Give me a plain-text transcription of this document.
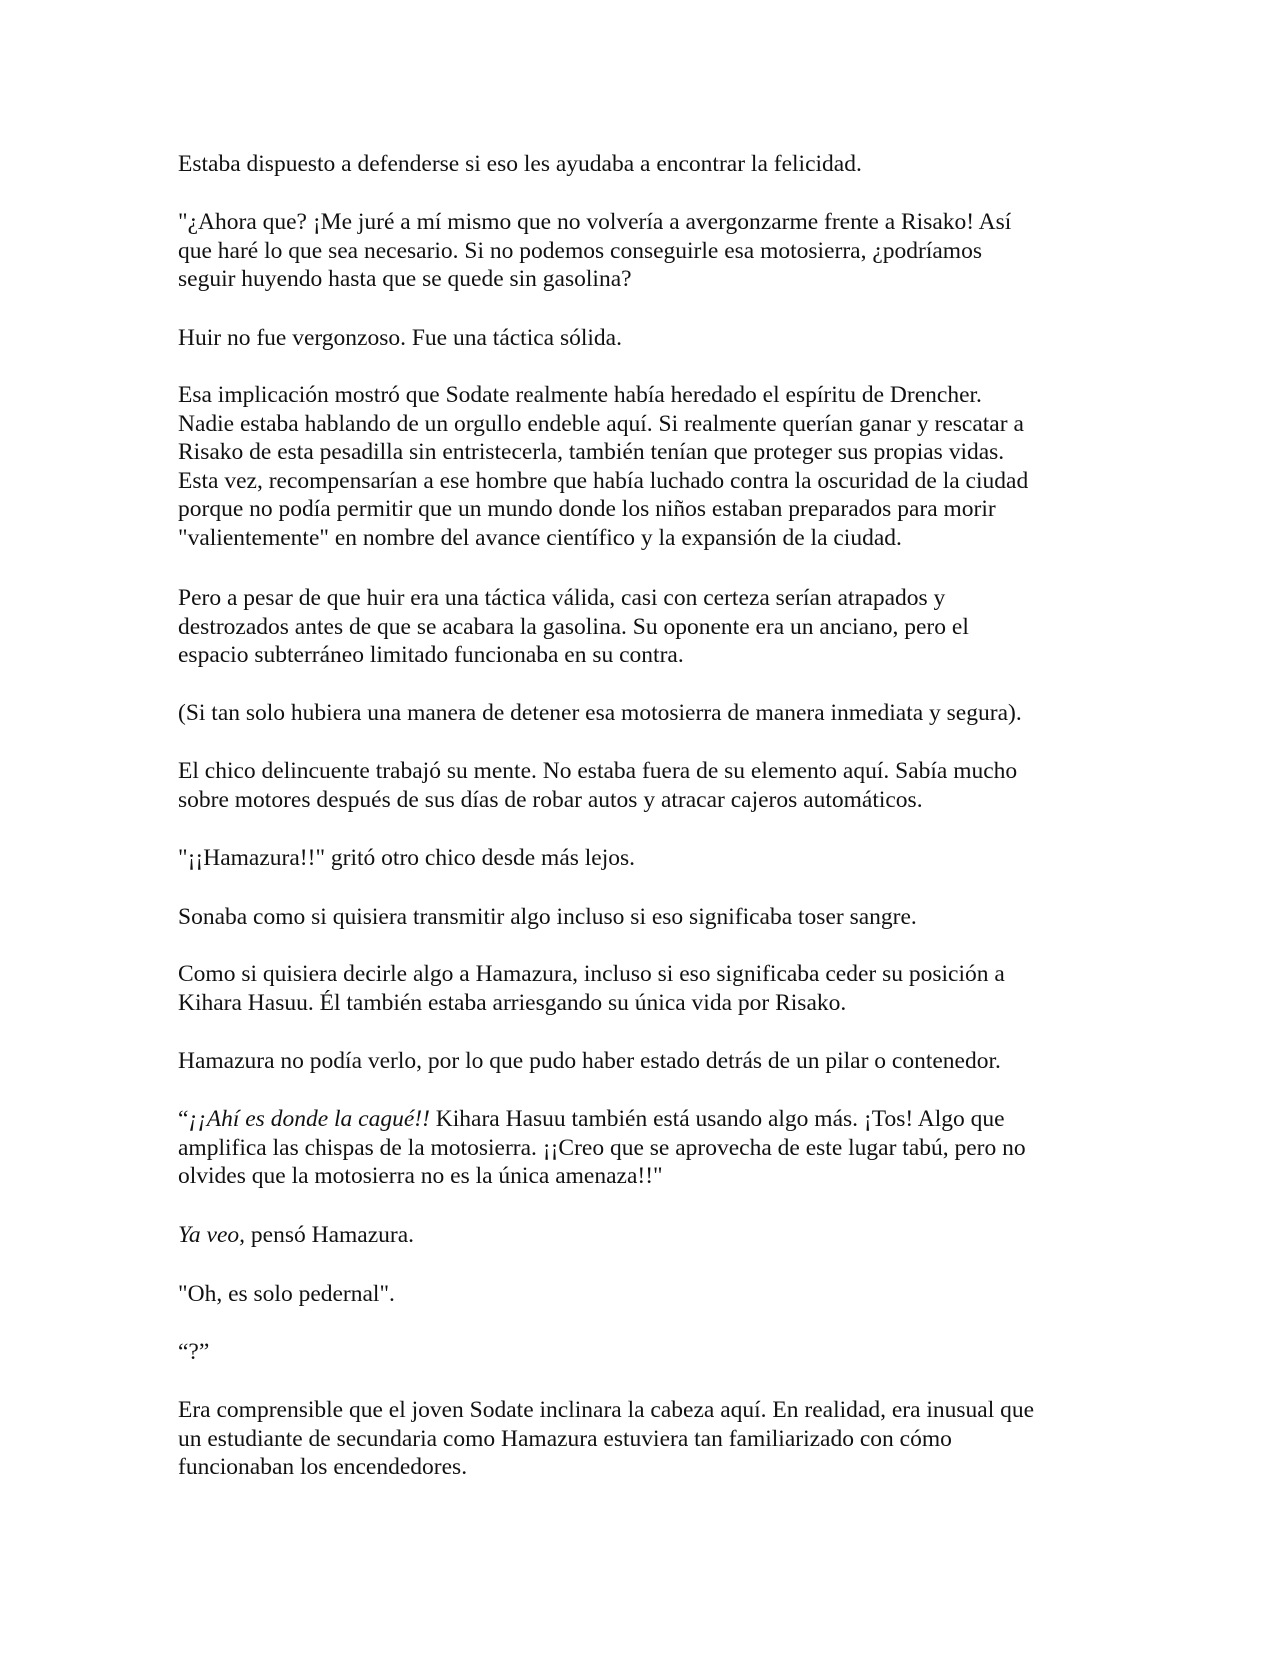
Estaba dispuesto a defenderse si eso les ayudaba a encontrar la felicidad.

"¿Ahora que? ¡Me juré a mí mismo que no volvería a avergonzarme frente a Risako! Así
que haré lo que sea necesario. Si no podemos conseguirle esa motosierra, ¿podríamos
seguir huyendo hasta que se quede sin gasolina?

Huir no fue vergonzoso. Fue una táctica sólida.

Esa implicación mostró que Sodate realmente había heredado el espíritu de Drencher.
Nadie estaba hablando de un orgullo endeble aquí. Si realmente querían ganar y rescatar a
Risako de esta pesadilla sin entristecerla, también tenían que proteger sus propias vidas.
Esta vez, recompensarían a ese hombre que había luchado contra la oscuridad de la ciudad
porque no podía permitir que un mundo donde los niños estaban preparados para morir
"valientemente" en nombre del avance científico y la expansión de la ciudad.

Pero a pesar de que huir era una táctica válida, casi con certeza serían atrapados y
destrozados antes de que se acabara la gasolina. Su oponente era un anciano, pero el
espacio subterráneo limitado funcionaba en su contra.

(Si tan solo hubiera una manera de detener esa motosierra de manera inmediata y segura).

El chico delincuente trabajó su mente. No estaba fuera de su elemento aquí. Sabía mucho
sobre motores después de sus días de robar autos y atracar cajeros automáticos.

"¡¡Hamazura!!" gritó otro chico desde más lejos.

Sonaba como si quisiera transmitir algo incluso si eso significaba toser sangre.

Como si quisiera decirle algo a Hamazura, incluso si eso significaba ceder su posición a
Kihara Hasuu. Él también estaba arriesgando su única vida por Risako.

Hamazura no podía verlo, por lo que pudo haber estado detrás de un pilar o contenedor.

“¡¡Ahí es donde la cagué!! Kihara Hasuu también está usando algo más. ¡Tos! Algo que
amplifica las chispas de la motosierra. ¡¡Creo que se aprovecha de este lugar tabú, pero no
olvides que la motosierra no es la única amenaza!!"

Ya veo, pensó Hamazura.

"Oh, es solo pedernal".

“?”

Era comprensible que el joven Sodate inclinara la cabeza aquí. En realidad, era inusual que
un estudiante de secundaria como Hamazura estuviera tan familiarizado con cómo
funcionaban los encendedores.
